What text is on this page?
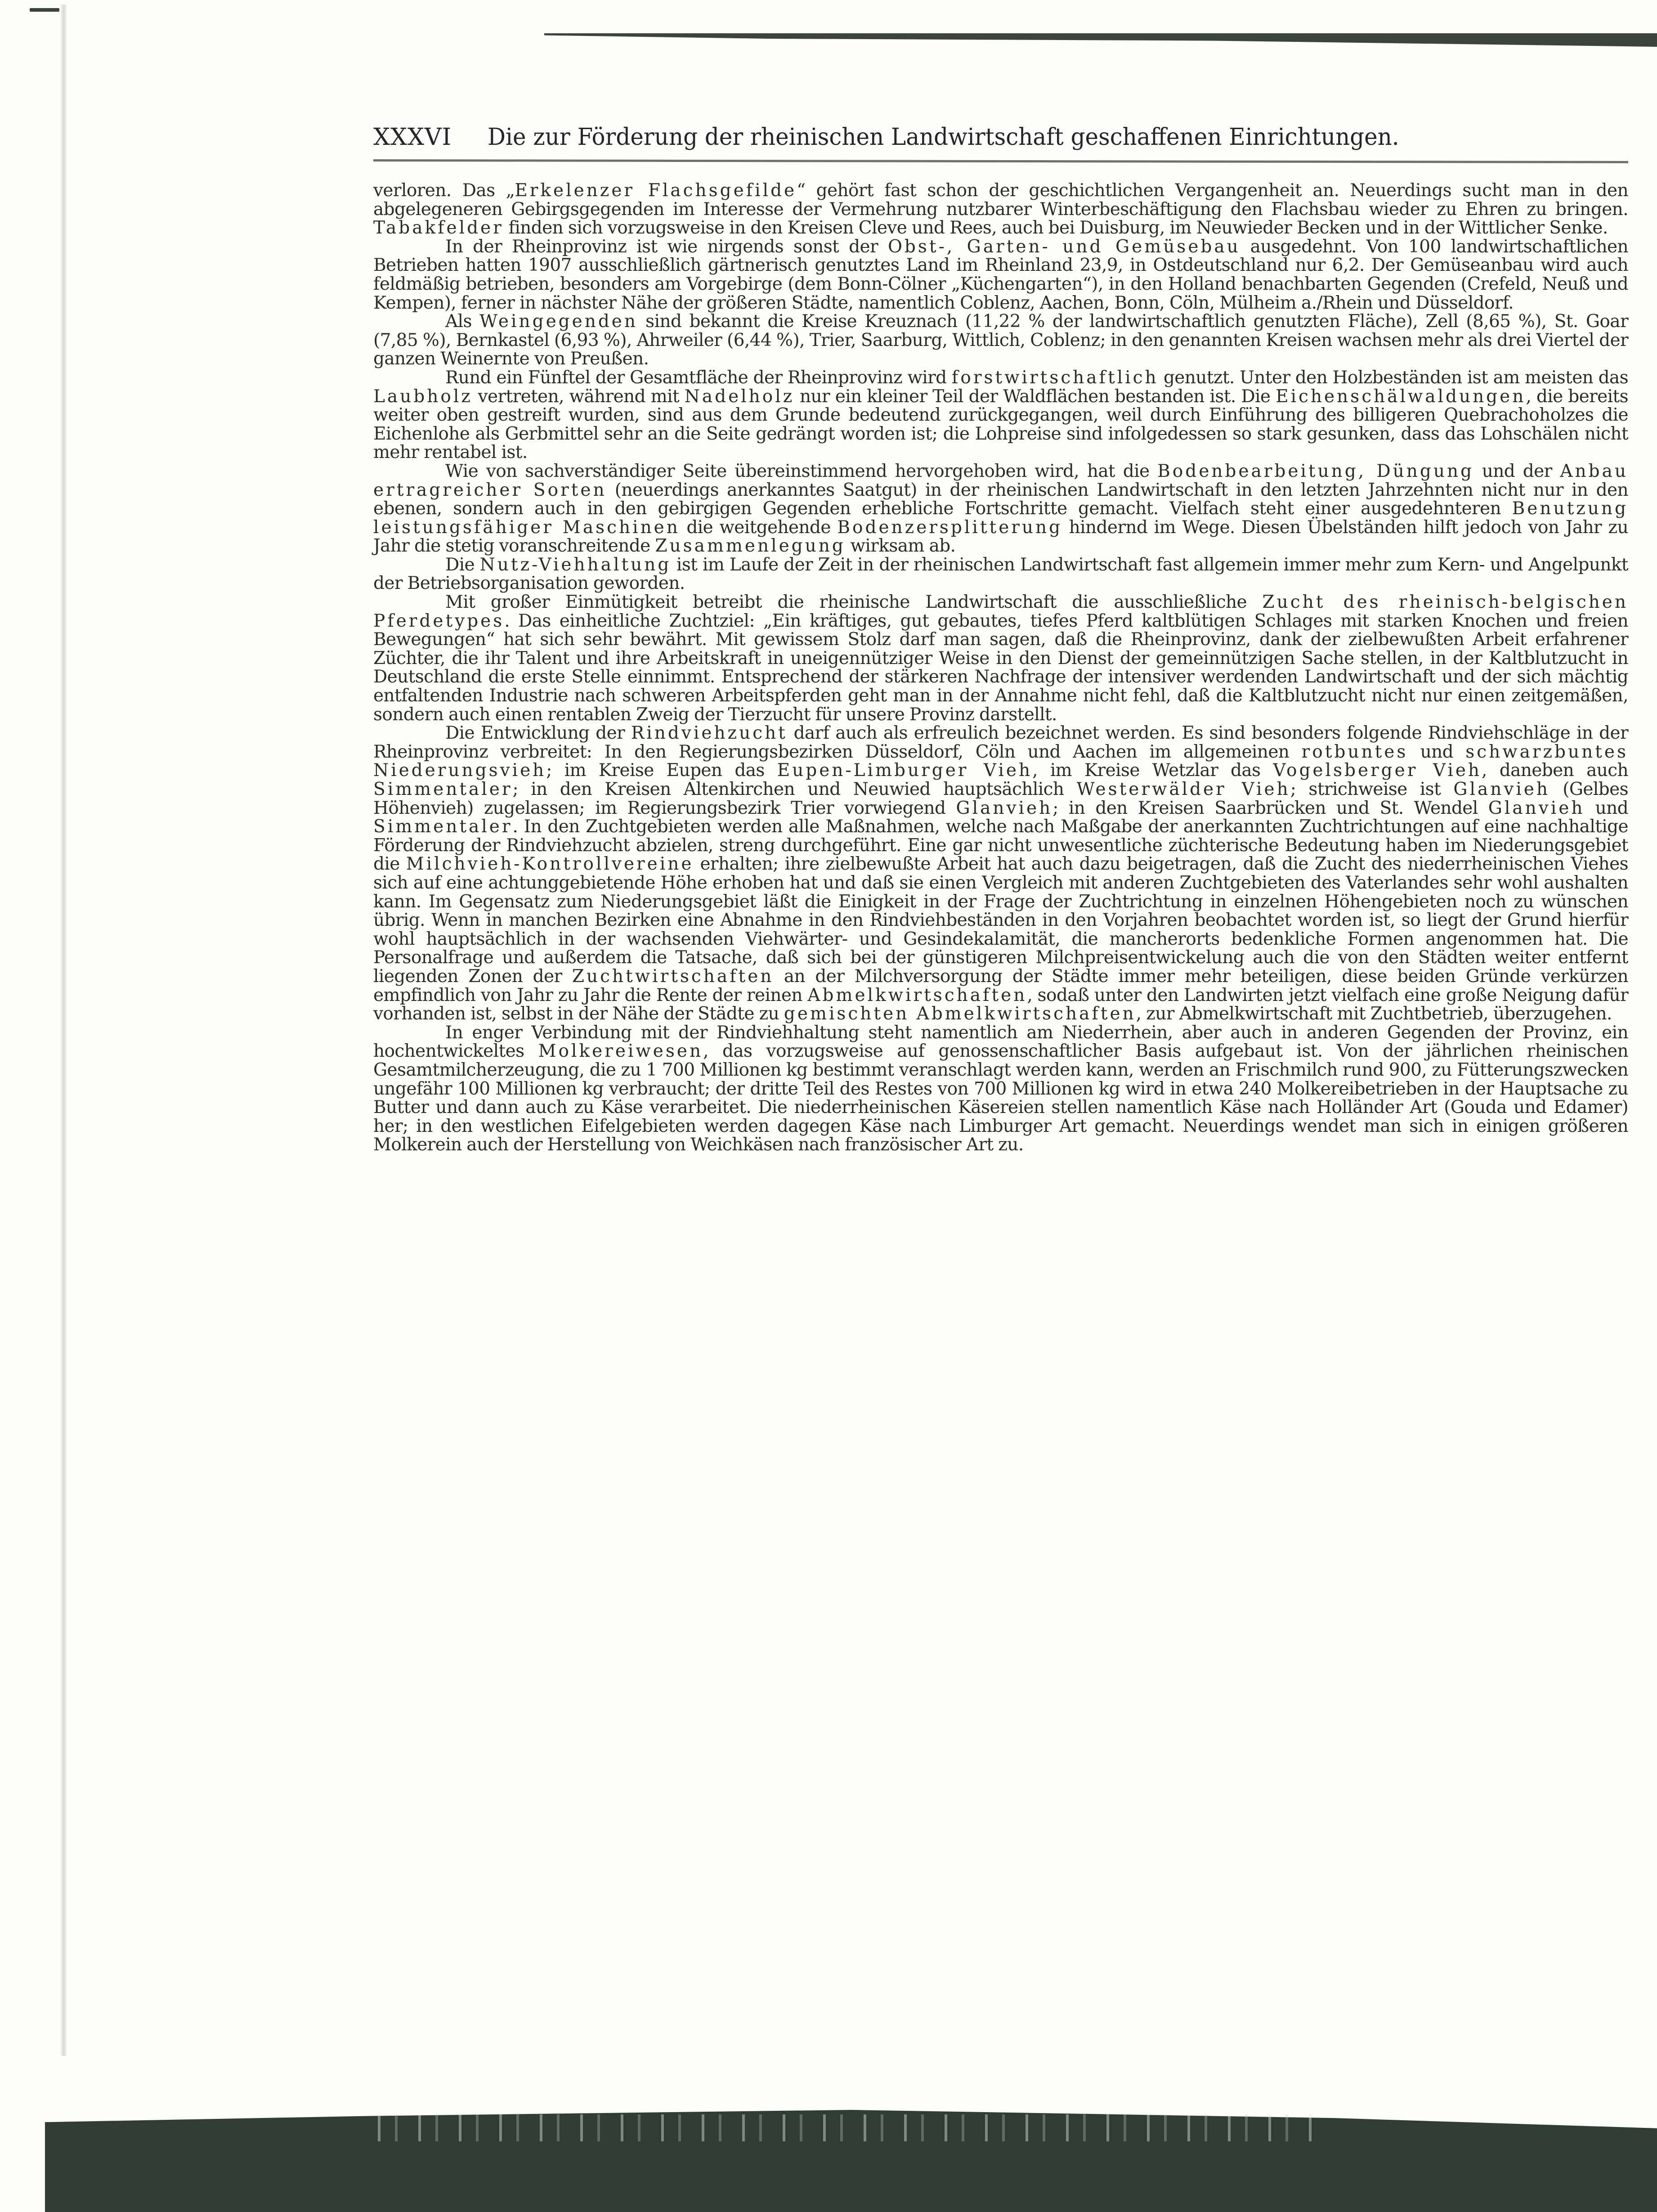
XXXVI Die zur Förderung der rheinischen Landwirtschaft geschaffenen Einrichtungen.

verloren. Das „Erkelenzer Flachsgefilde“ gehört fast schon der geschichtlichen Vergangenheit an. Neuerdings sucht man in den abgelegeneren Gebirgsgegenden im Interesse der Vermehrung nutzbarer Winterbeschäftigung den Flachsbau wieder zu Ehren zu bringen. Tabakfelder finden sich vorzugsweise in den Kreisen Cleve und Rees, auch bei Duisburg, im Neuwieder Becken und in der Wittlicher Senke.

In der Rheinprovinz ist wie nirgends sonst der Obst-, Garten- und Gemüsebau ausgedehnt. Von 100 landwirtschaftlichen Betrieben hatten 1907 ausschließlich gärtnerisch genutztes Land im Rheinland 23,9, in Ostdeutschland nur 6,2. Der Gemüseanbau wird auch feldmäßig betrieben, besonders am Vorgebirge (dem Bonn-Cölner „Küchengarten“), in den Holland benachbarten Gegenden (Crefeld, Neuß und Kempen), ferner in nächster Nähe der größeren Städte, namentlich Coblenz, Aachen, Bonn, Cöln, Mülheim a./Rhein und Düsseldorf.

Als Weingegenden sind bekannt die Kreise Kreuznach (11,22 % der landwirtschaftlich genutzten Fläche), Zell (8,65 %), St. Goar (7,85 %), Bernkastel (6,93 %), Ahrweiler (6,44 %), Trier, Saarburg, Wittlich, Coblenz; in den genannten Kreisen wachsen mehr als drei Viertel der ganzen Weinernte von Preußen.

Rund ein Fünftel der Gesamtfläche der Rheinprovinz wird forstwirtschaftlich genutzt. Unter den Holzbeständen ist am meisten das Laubholz vertreten, während mit Nadelholz nur ein kleiner Teil der Waldflächen bestanden ist. Die Eichenschälwaldungen, die bereits weiter oben gestreift wurden, sind aus dem Grunde bedeutend zurückgegangen, weil durch Einführung des billigeren Quebrachoholzes die Eichenlohe als Gerbmittel sehr an die Seite gedrängt worden ist; die Lohpreise sind infolgedessen so stark gesunken, dass das Lohschälen nicht mehr rentabel ist.

Wie von sachverständiger Seite übereinstimmend hervorgehoben wird, hat die Bodenbearbeitung, Düngung und der Anbau ertragreicher Sorten (neuerdings anerkanntes Saatgut) in der rheinischen Landwirtschaft in den letzten Jahrzehnten nicht nur in den ebenen, sondern auch in den gebirgigen Gegenden erhebliche Fortschritte gemacht. Vielfach steht einer ausgedehnteren Benutzung leistungsfähiger Maschinen die weitgehende Bodenzersplitterung hindernd im Wege. Diesen Übelständen hilft jedoch von Jahr zu Jahr die stetig voranschreitende Zusammenlegung wirksam ab.

Die Nutz-Viehhaltung ist im Laufe der Zeit in der rheinischen Landwirtschaft fast allgemein immer mehr zum Kern- und Angelpunkt der Betriebsorganisation geworden.

Mit großer Einmütigkeit betreibt die rheinische Landwirtschaft die ausschließliche Zucht des rheinisch-belgischen Pferdetypes. Das einheitliche Zuchtziel: „Ein kräftiges, gut gebautes, tiefes Pferd kaltblütigen Schlages mit starken Knochen und freien Bewegungen“ hat sich sehr bewährt. Mit gewissem Stolz darf man sagen, daß die Rheinprovinz, dank der zielbewußten Arbeit erfahrener Züchter, die ihr Talent und ihre Arbeitskraft in uneigennütziger Weise in den Dienst der gemeinnützigen Sache stellen, in der Kaltblutzucht in Deutschland die erste Stelle einnimmt. Entsprechend der stärkeren Nachfrage der intensiver werdenden Landwirtschaft und der sich mächtig entfaltenden Industrie nach schweren Arbeitspferden geht man in der Annahme nicht fehl, daß die Kaltblutzucht nicht nur einen zeitgemäßen, sondern auch einen rentablen Zweig der Tierzucht für unsere Provinz darstellt.

Die Entwicklung der Rindviehzucht darf auch als erfreulich bezeichnet werden. Es sind besonders folgende Rindviehschläge in der Rheinprovinz verbreitet: In den Regierungsbezirken Düsseldorf, Cöln und Aachen im allgemeinen rotbuntes und schwarzbuntes Niederungsvieh; im Kreise Eupen das Eupen-Limburger Vieh, im Kreise Wetzlar das Vogelsberger Vieh, daneben auch Simmentaler; in den Kreisen Altenkirchen und Neuwied hauptsächlich Westerwälder Vieh; strichweise ist Glanvieh (Gelbes Höhenvieh) zugelassen; im Regierungsbezirk Trier vorwiegend Glanvieh; in den Kreisen Saarbrücken und St. Wendel Glanvieh und Simmentaler. In den Zuchtgebieten werden alle Maßnahmen, welche nach Maßgabe der anerkannten Zuchtrichtungen auf eine nachhaltige Förderung der Rindviehzucht abzielen, streng durchgeführt. Eine gar nicht unwesentliche züchterische Bedeutung haben im Niederungsgebiet die Milchvieh-Kontrollvereine erhalten; ihre zielbewußte Arbeit hat auch dazu beigetragen, daß die Zucht des niederrheinischen Viehes sich auf eine achtunggebietende Höhe erhoben hat und daß sie einen Vergleich mit anderen Zuchtgebieten des Vaterlandes sehr wohl aushalten kann. Im Gegensatz zum Niederungsgebiet läßt die Einigkeit in der Frage der Zuchtrichtung in einzelnen Höhengebieten noch zu wünschen übrig. Wenn in manchen Bezirken eine Abnahme in den Rindviehbeständen in den Vorjahren beobachtet worden ist, so liegt der Grund hierfür wohl hauptsächlich in der wachsenden Viehwärter- und Gesindekalamität, die mancherorts bedenkliche Formen angenommen hat. Die Personalfrage und außerdem die Tatsache, daß sich bei der günstigeren Milchpreisentwickelung auch die von den Städten weiter entfernt liegenden Zonen der Zuchtwirtschaften an der Milchversorgung der Städte immer mehr beteiligen, diese beiden Gründe verkürzen empfindlich von Jahr zu Jahr die Rente der reinen Abmelkwirtschaften, sodaß unter den Landwirten jetzt vielfach eine große Neigung dafür vorhanden ist, selbst in der Nähe der Städte zu gemischten Abmelkwirtschaften, zur Abmelkwirtschaft mit Zuchtbetrieb, überzugehen.

In enger Verbindung mit der Rindviehhaltung steht namentlich am Niederrhein, aber auch in anderen Gegenden der Provinz, ein hochentwickeltes Molkereiwesen, das vorzugsweise auf genossenschaftlicher Basis aufgebaut ist. Von der jährlichen rheinischen Gesamtmilcherzeugung, die zu 1 700 Millionen kg bestimmt veranschlagt werden kann, werden an Frischmilch rund 900, zu Fütterungszwecken ungefähr 100 Millionen kg verbraucht; der dritte Teil des Restes von 700 Millionen kg wird in etwa 240 Molkereibetrieben in der Hauptsache zu Butter und dann auch zu Käse verarbeitet. Die niederrheinischen Käsereien stellen namentlich Käse nach Holländer Art (Gouda und Edamer) her; in den westlichen Eifelgebieten werden dagegen Käse nach Limburger Art gemacht. Neuerdings wendet man sich in einigen größeren Molkerein auch der Herstellung von Weichkäsen nach französischer Art zu.
